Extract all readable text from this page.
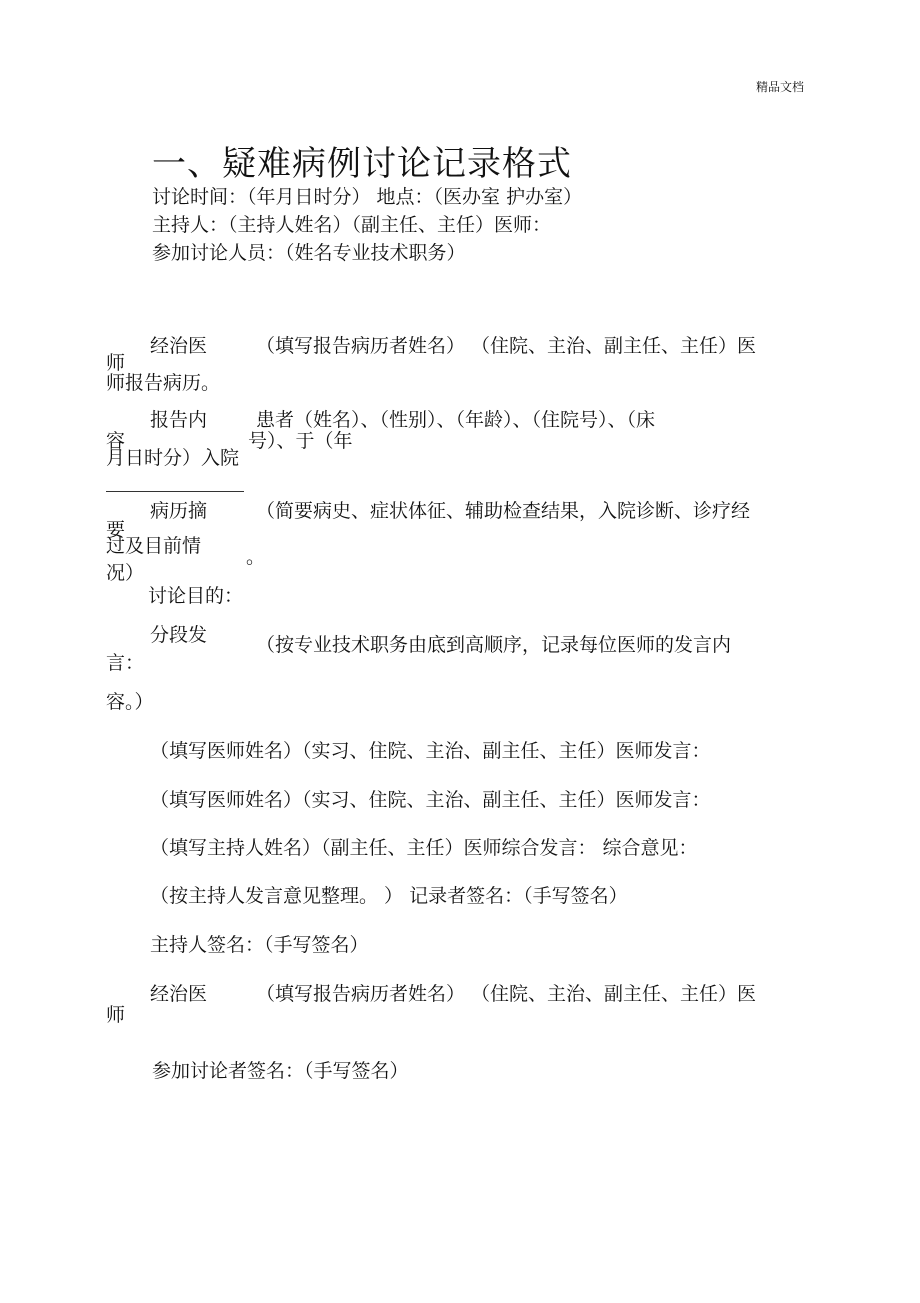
精品文档
一、疑难病例讨论记录格式
讨论时间：（年月日时分） 地点：（医办室 护办室）
主持人：（主持人姓名）（副主任、主任）医师：
参加讨论人员：（姓名专业技术职务）
经治医
师
（填写报告病历者姓名） （住院、主治、副主任、主任）医
师报告病历。
报告内
容
患者（姓名）、（性别）、（年龄）、（住院号）、（床
号）、于（年
月日时分）入院
病历摘
要
（简要病史、症状体征、辅助检查结果，入院诊断、诊疗经
过及目前情 。
况）
讨论目的：
分段发	（按专业技术职务由底到高顺序，记录每位医师的发言内
言：
容。）
（填写医师姓名）（实习、住院、主治、副主任、主任）医师发言：
（填写医师姓名）（实习、住院、主治、副主任、主任）医师发言：
（填写主持人姓名）（副主任、主任）医师综合发言： 综合意见：
（按主持人发言意见整理。 ） 记录者签名：（手写签名）
主持人签名：（手写签名）
经治医	（填写报告病历者姓名） （住院、主治、副主任、主任）医
师
参加讨论者签名：（手写签名）
